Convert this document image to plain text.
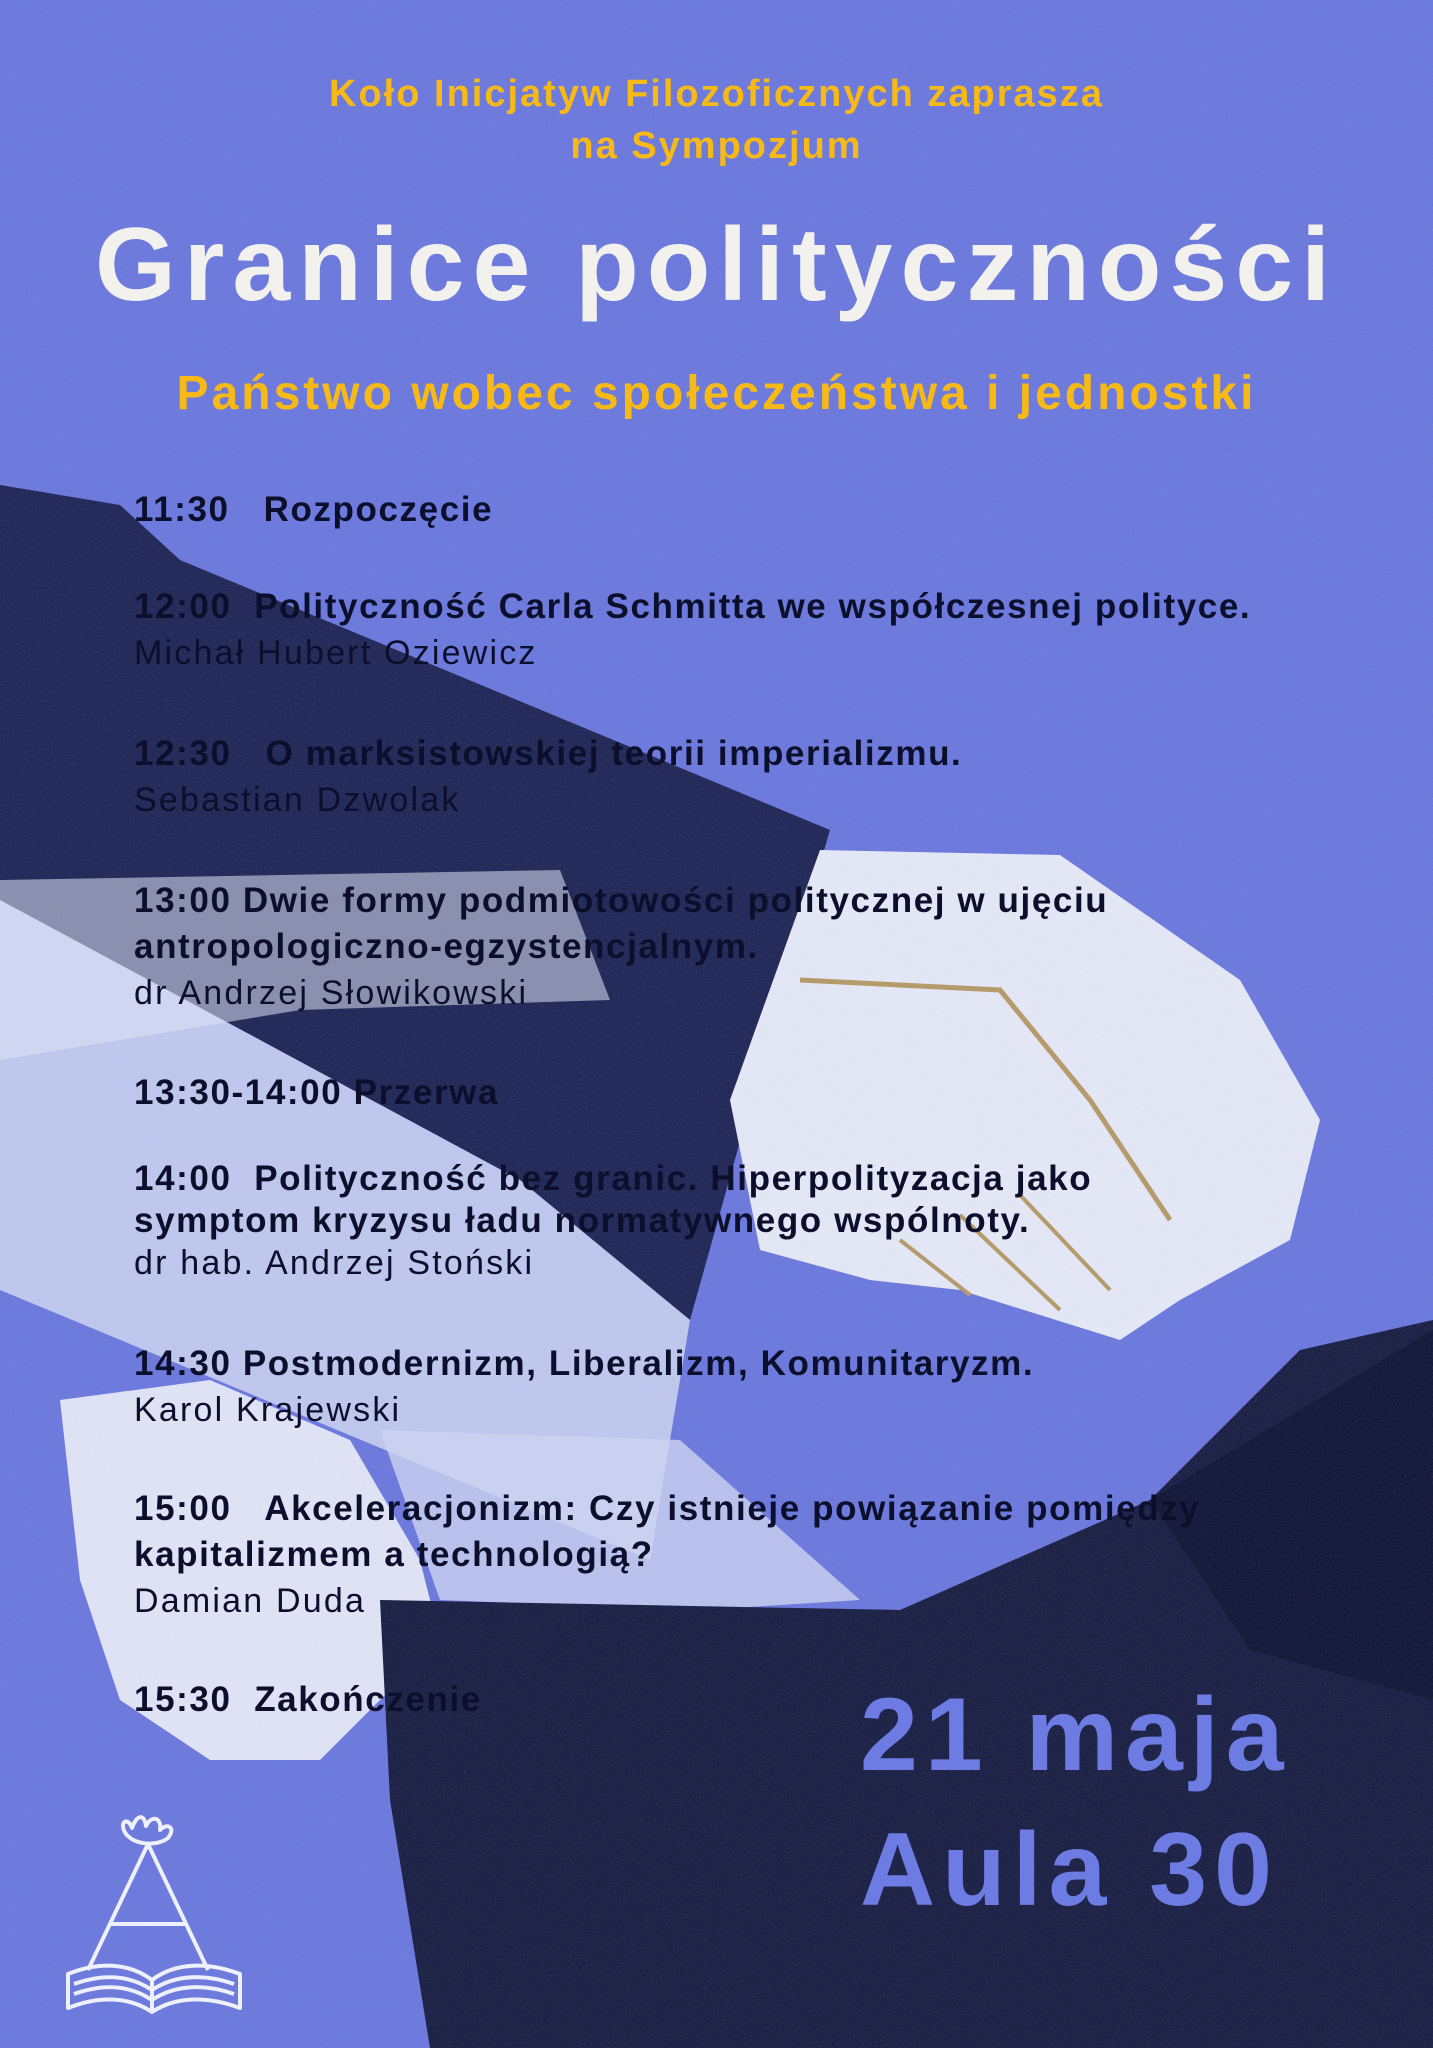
Koło Inicjatyw Filozoficznych zaprasza
na Sympozjum
Granice polityczności
Państwo wobec społeczeństwa i jednostki
11:30 Rozpoczęcie
12:00 Polityczność Carla Schmitta we współczesnej polityce.
Michał Hubert Oziewicz
12:30 O marksistowskiej teorii imperializmu.
Sebastian Dzwolak
13:00 Dwie formy podmiotowości politycznej w ujęciu
antropologiczno-egzystencjalnym.
dr Andrzej Słowikowski
13:30-14:00 Przerwa
14:00 Polityczność bez granic. Hiperpolityzacja jako
symptom kryzysu ładu normatywnego wspólnoty.
dr hab. Andrzej Stoński
14:30 Postmodernizm, Liberalizm, Komunitaryzm.
Karol Krajewski
15:00 Akceleracjonizm: Czy istnieje powiązanie pomiędzy
kapitalizmem a technologią?
Damian Duda
15:30 Zakończenie	21 maja
Aula 30
